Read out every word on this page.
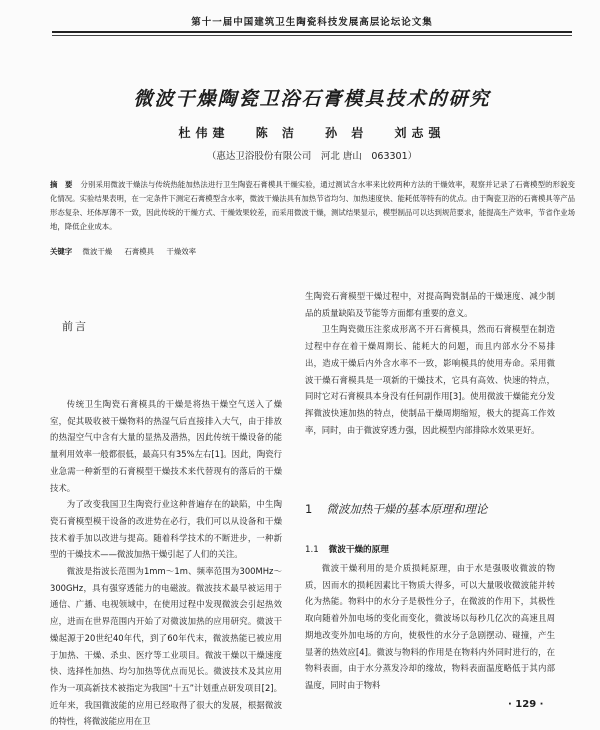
第十一届中国建筑卫生陶瓷科技发展高层论坛论文集
微波干燥陶瓷卫浴石膏模具技术的研究
杜伟建　 陈 洁　 孙 岩　 刘志强
（惠达卫浴股份有限公司　河北 唐山　063301）
摘　要 分别采用微波干燥法与传统热能加热法进行卫生陶瓷石膏模具干燥实验，通过测试含水率来比较两种方法的干燥效率，观察并记录了石膏模型的形貌变化情况。实验结果表明，在一定条件下测定石膏模型含水率，微波干燥法具有加热节省均匀、加热速度快、能耗低等特有的优点。由于陶瓷卫浴的石膏模具等产品形态复杂、坯体厚薄不一致，因此传统的干燥方式、干燥效果较差，而采用微波干燥，测试结果显示，模型制品可以达到规范要求，能提高生产效率，节省作业场地，降低企业成本。
关键字 微波干燥 石膏模具 干燥效率
前言

传统卫生陶瓷石膏模具的干燥是将热干燥空气送入了燥室，促其吸收被干燥物料的热湿气后直接排入大气，由于排放的热湿空气中含有大量的显热及潜热，因此传统干燥设备的能量利用效率一般都很低，最高只有35%左右[1]。因此，陶瓷行业急需一种新型的石膏模型干燥技术来代替现有的落后的干燥技术。

为了改变我国卫生陶瓷行业这种普遍存在的缺陷，中生陶瓷石膏模型模干设备的改进势在必行，我们可以从设备和干燥技术着手加以改进与提高。随着科学技术的不断进步，一种新型的干燥技术——微波加热干燥引起了人们的关注。

微波是指波长范围为1mm～1m、频率范围为300MHz～300GHz，具有强穿透能力的电磁波。微波技术最早被运用于通信、广播、电视领域中，在使用过程中发现微波会引起热效应，进而在世界范围内开始了对微波加热的应用研究。微波干燥起源于20世纪40年代，到了60年代末，微波热能已被应用于加热、干燥、杀虫、医疗等工业项目。微波干燥以干燥速度快、选择性加热、均匀加热等优点而见长。微波技术及其应用作为一项高新技术被指定为我国“十五”计划重点研发项目[2]。近年来，我国微波能的应用已经取得了很大的发展，根据微波的特性，将微波能应用在卫

生陶瓷石膏模型干燥过程中，对提高陶瓷制品的干燥速度、减少制品的质量缺陷及节能等方面都有重要的意义。

卫生陶瓷微压注浆成形离不开石膏模具，然而石膏模型在制造过程中存在着干燥周期长、能耗大的问题，而且内部水分不易排出，造成干燥后内外含水率不一致，影响模具的使用寿命。采用微波干燥石膏模具是一项新的干燥技术，它具有高效、快速的特点，同时它对石膏模具本身没有任何副作用[3]。使用微波干燥能充分发挥微波快速加热的特点，使制品干燥周期缩短，极大的提高工作效率，同时，由于微波穿透力强，因此模型内部排除水效果更好。

1 微波加热干燥的基本原理和理论
1.1 微波干燥的原理

微波干燥利用的是介质损耗原理，由于水是强吸收微波的物质，因而水的损耗因素比干物质大得多，可以大量吸收微波能并转化为热能。物料中的水分子是极性分子，在微波的作用下，其极性取向随着外加电场的变化而变化，微波场以每秒几亿次的高速且周期地改变外加电场的方向，使极性的水分子急剧摆动、碰撞，产生显著的热效应[4]。微波与物料的作用是在物料内外同时进行的，在物料表面，由于水分蒸发冷却的缘故，物料表面温度略低于其内部温度，同时由于物料

· 129 ·
